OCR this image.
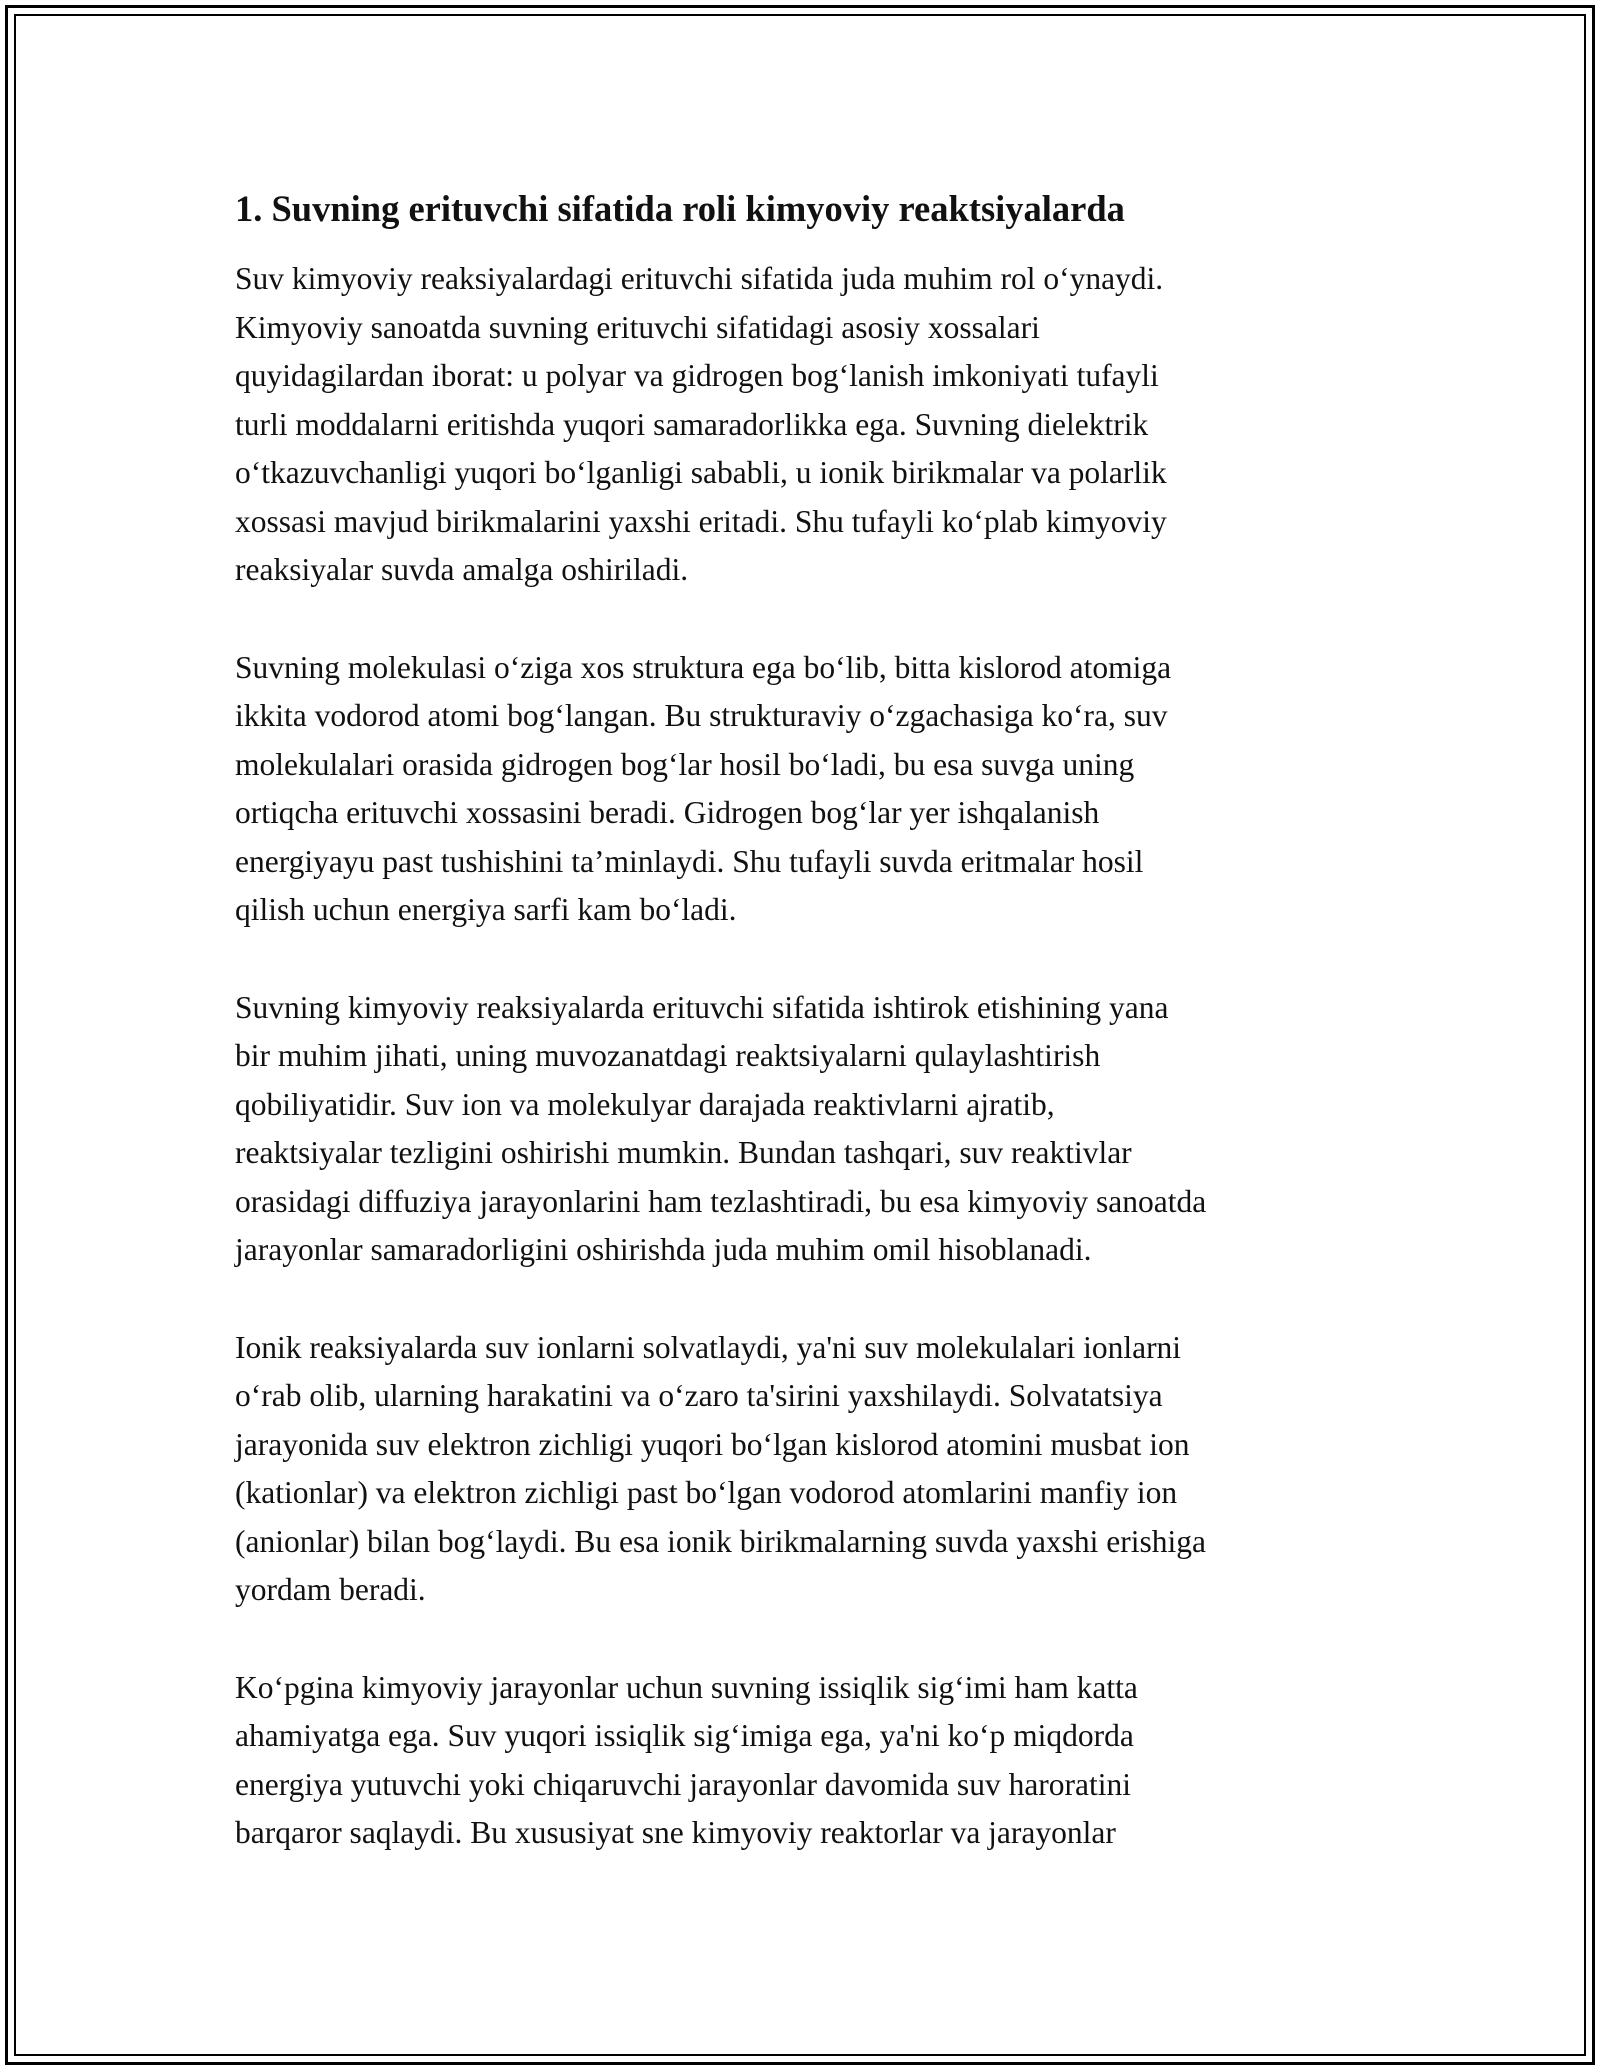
1. Suvning erituvchi sifatida roli kimyoviy reaktsiyalarda
Suv kimyoviy reaksiyalardagi erituvchi sifatida juda muhim rol oʻynaydi.
Kimyoviy sanoatda suvning erituvchi sifatidagi asosiy xossalari
quyidagilardan iborat: u polyar va gidrogen bogʻlanish imkoniyati tufayli
turli moddalarni eritishda yuqori samaradorlikka ega. Suvning dielektrik
oʻtkazuvchanligi yuqori boʻlganligi sababli, u ionik birikmalar va polarlik
xossasi mavjud birikmalarini yaxshi eritadi. Shu tufayli koʻplab kimyoviy
reaksiyalar suvda amalga oshiriladi.
Suvning molekulasi oʻziga xos struktura ega boʻlib, bitta kislorod atomiga
ikkita vodorod atomi bogʻlangan. Bu strukturaviy oʻzgachasiga koʻra, suv
molekulalari orasida gidrogen bogʻlar hosil boʻladi, bu esa suvga uning
ortiqcha erituvchi xossasini beradi. Gidrogen bogʻlar yer ishqalanish
energiyayu past tushishini taʼminlaydi. Shu tufayli suvda eritmalar hosil
qilish uchun energiya sarfi kam boʻladi.
Suvning kimyoviy reaksiyalarda erituvchi sifatida ishtirok etishining yana
bir muhim jihati, uning muvozanatdagi reaktsiyalarni qulaylashtirish
qobiliyatidir. Suv ion va molekulyar darajada reaktivlarni ajratib,
reaktsiyalar tezligini oshirishi mumkin. Bundan tashqari, suv reaktivlar
orasidagi diffuziya jarayonlarini ham tezlashtiradi, bu esa kimyoviy sanoatda
jarayonlar samaradorligini oshirishda juda muhim omil hisoblanadi.
Ionik reaksiyalarda suv ionlarni solvatlaydi, ya'ni suv molekulalari ionlarni
oʻrab olib, ularning harakatini va oʻzaro ta'sirini yaxshilaydi. Solvatatsiya
jarayonida suv elektron zichligi yuqori boʻlgan kislorod atomini musbat ion
(kationlar) va elektron zichligi past boʻlgan vodorod atomlarini manfiy ion
(anionlar) bilan bogʻlaydi. Bu esa ionik birikmalarning suvda yaxshi erishiga
yordam beradi.
Koʻpgina kimyoviy jarayonlar uchun suvning issiqlik sigʻimi ham katta
ahamiyatga ega. Suv yuqori issiqlik sigʻimiga ega, ya'ni koʻp miqdorda
energiya yutuvchi yoki chiqaruvchi jarayonlar davomida suv haroratini
barqaror saqlaydi. Bu xususiyat sne kimyoviy reaktorlar va jarayonlar
